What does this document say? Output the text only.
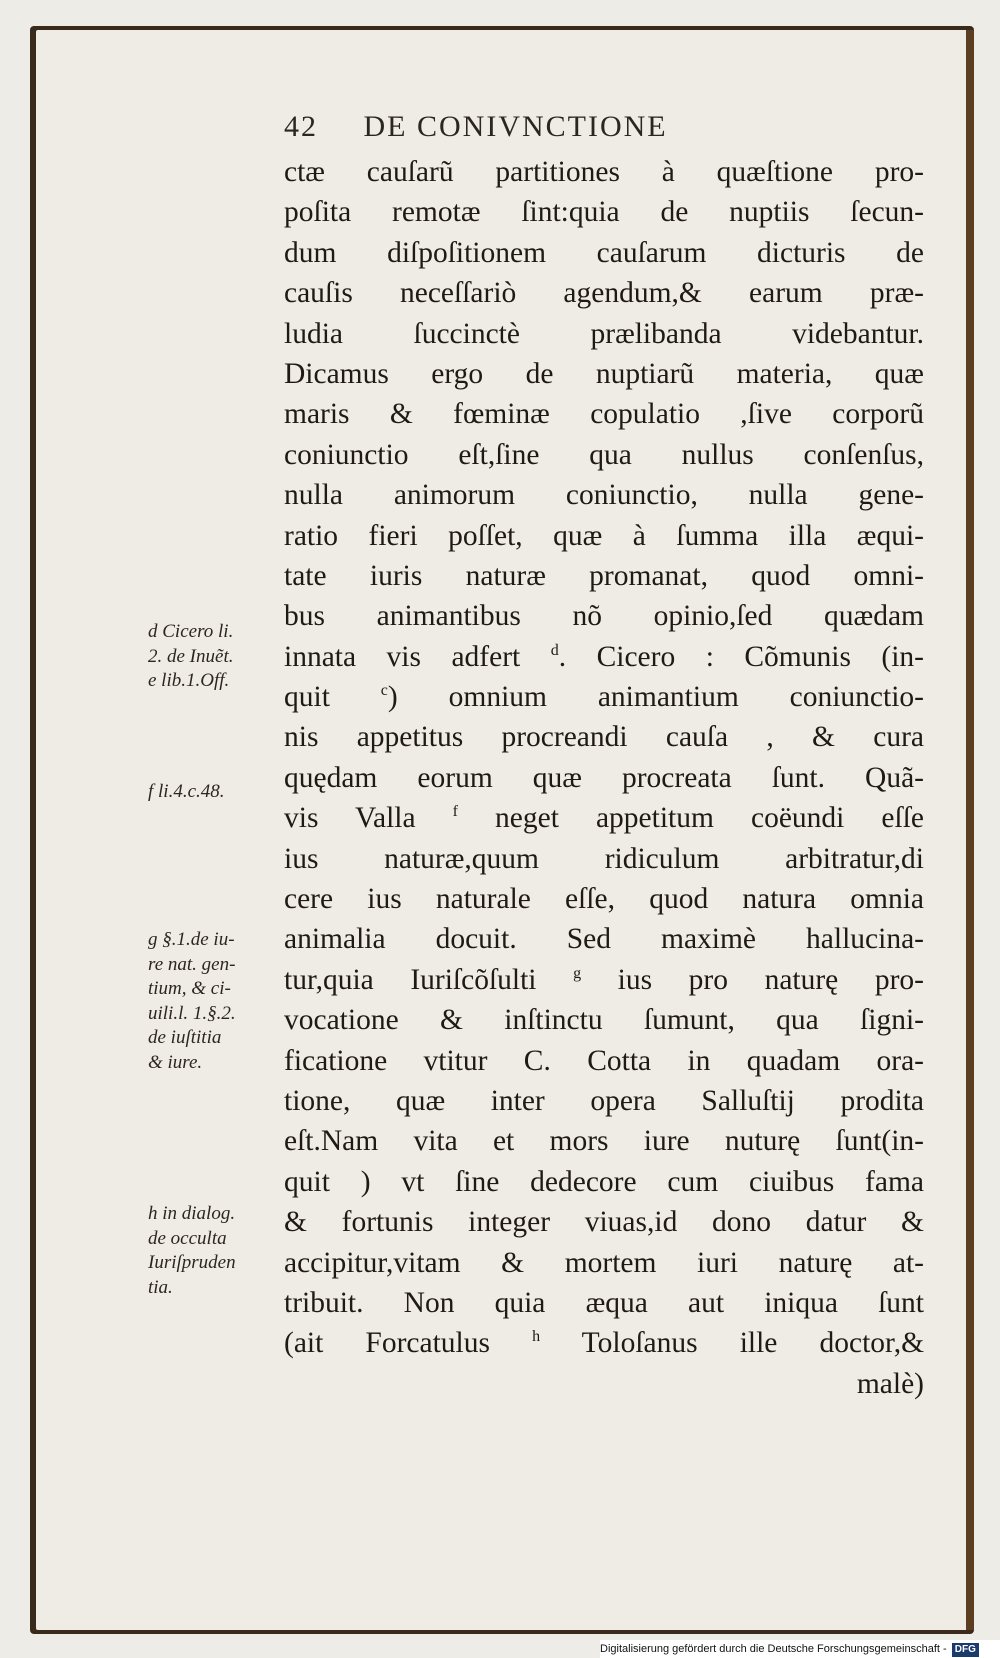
42 DE CONIVNCTIONE
ctæ cauſarũ partitiones à quæſtione pro-
poſita remotæ ſint:quia de nuptiis ſecun-
dum diſpoſitionem cauſarum dicturis de
cauſis neceſſariò agendum,& earum præ-
ludia ſuccinctè prælibanda videbantur.
Dicamus ergo de nuptiarũ materia, quæ
maris & fœminæ copulatio ,ſive corporũ
coniunctio eſt,ſine qua nullus conſenſus,
nulla animorum coniunctio, nulla gene-
ratio fieri poſſet, quæ à ſumma illa æqui-
tate iuris naturæ promanat, quod omni-
bus animantibus nõ opinio,ſed quædam
innata vis adfert $^d$. Cicero : Cõmunis (in-
quit	$^c$) omnium animantium coniunctio-
nis appetitus procreandi cauſa , & cura
quędam eorum quæ procreata ſunt. Quã-
vis Valla $^f$ neget appetitum coëundi eſſe
ius naturæ,quum ridiculum arbitratur,di
cere ius naturale eſſe, quod natura omnia
animalia docuit. Sed maximè hallucina-
tur,quia Iuriſcõſulti $^g$ ius pro naturę pro-
vocatione & inſtinctu ſumunt, qua ſigni-
ficatione vtitur C. Cotta in quadam ora-
tione, quæ inter opera Salluſtij prodita
eſt.Nam vita et mors iure nuturę ſunt(in-
quit ) vt ſine dedecore cum ciuibus fama
& fortunis integer viuas,id dono datur &
accipitur,vitam & mortem iuri naturę at-
tribuit. Non quia æqua aut iniqua ſunt
(ait Forcatulus	$^h$ Toloſanus ille doctor,&
malè)
d Cicero li.
2. de Inuẽt.
e lib.1.Off.
f li.4.c.48.
g §.1.de iu-
re nat. gen-
tium, & ci-
uili.l. 1.§.2.
de iuſtitia
& iure.
h in dialog.
de occulta
Iuriſpruden
tia.
Digitalisierung gefördert durch die Deutsche Forschungsgemeinschaft - DFG
